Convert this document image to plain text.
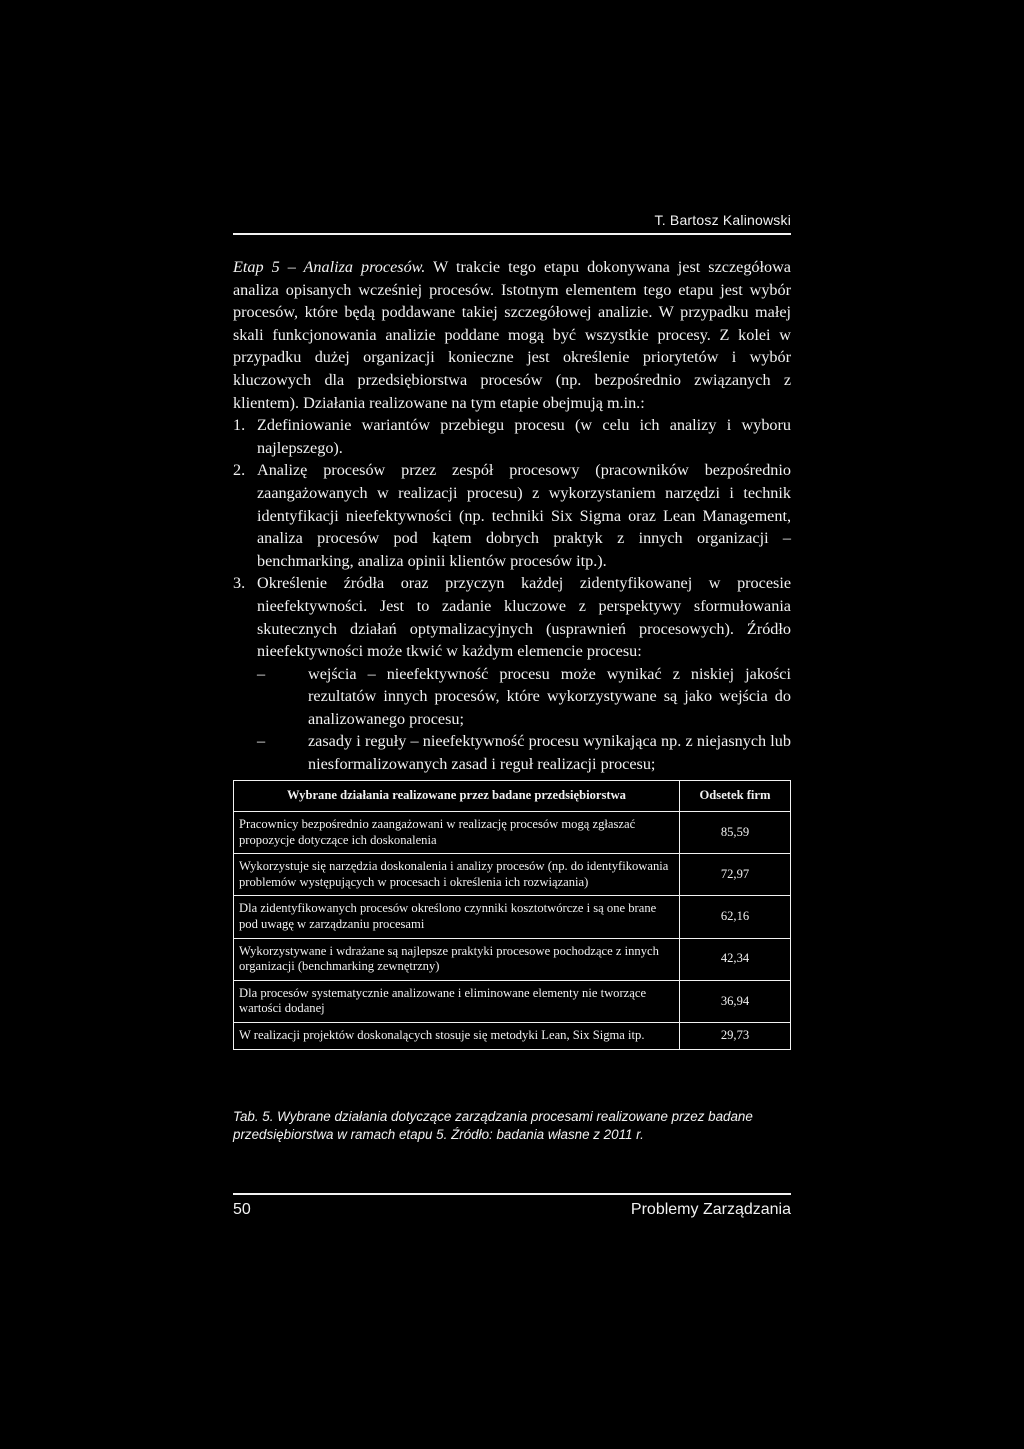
T. Bartosz Kalinowski

Etap 5 – Analiza procesów. W trakcie tego etapu dokonywana jest szczegółowa analiza opisanych wcześniej procesów. Istotnym elementem tego etapu jest wybór procesów, które będą poddawane takiej szczegółowej analizie. W przypadku małej skali funkcjonowania analizie poddane mogą być wszystkie procesy. Z kolei w przypadku dużej organizacji konieczne jest określenie priorytetów i wybór kluczowych dla przedsiębiorstwa procesów (np. bezpośrednio związanych z klientem). Działania realizowane na tym etapie obejmują m.in.:

1. Zdefiniowanie wariantów przebiegu procesu (w celu ich analizy i wyboru najlepszego).
2. Analizę procesów przez zespół procesowy (pracowników bezpośrednio zaangażowanych w realizacji procesu) z wykorzystaniem narzędzi i technik identyfikacji nieefektywności (np. techniki Six Sigma oraz Lean Management, analiza procesów pod kątem dobrych praktyk z innych organizacji – benchmarking, analiza opinii klientów procesów itp.).
3. Określenie źródła oraz przyczyn każdej zidentyfikowanej w procesie nieefektywności. Jest to zadanie kluczowe z perspektywy sformułowania skutecznych działań optymalizacyjnych (usprawnień procesowych). Źródło nieefektywności może tkwić w każdym elemencie procesu:
–	wejścia – nieefektywność procesu może wynikać z niskiej jakości rezultatów innych procesów, które wykorzystywane są jako wejścia do analizowanego procesu;
–	zasady i reguły – nieefektywność procesu wynikająca np. z niejasnych lub niesformalizowanych zasad i reguł realizacji procesu;
Wybrane działania realizowane przez badane przedsiębiorstwa	Odsetek firm
Pracownicy bezpośrednio zaangażowani w realizację procesów mogą zgłaszać propozycje dotyczące ich doskonalenia	85,59
Wykorzystuje się narzędzia doskonalenia i analizy procesów (np. do identyfikowania problemów występujących w procesach i określenia ich rozwiązania)	72,97
Dla zidentyfikowanych procesów określono czynniki kosztotwórcze i są one brane pod uwagę w zarządzaniu procesami	62,16
Wykorzystywane i wdrażane są najlepsze praktyki procesowe pochodzące z innych organizacji (benchmarking zewnętrzny)	42,34
Dla procesów systematycznie analizowane i eliminowane elementy nie tworzące wartości dodanej	36,94
W realizacji projektów doskonalących stosuje się metodyki Lean, Six Sigma itp.	29,73
Tab. 5. Wybrane działania dotyczące zarządzania procesami realizowane przez badane przedsiębiorstwa w ramach etapu 5. Źródło: badania własne z 2011 r.
50	Problemy Zarządzania
